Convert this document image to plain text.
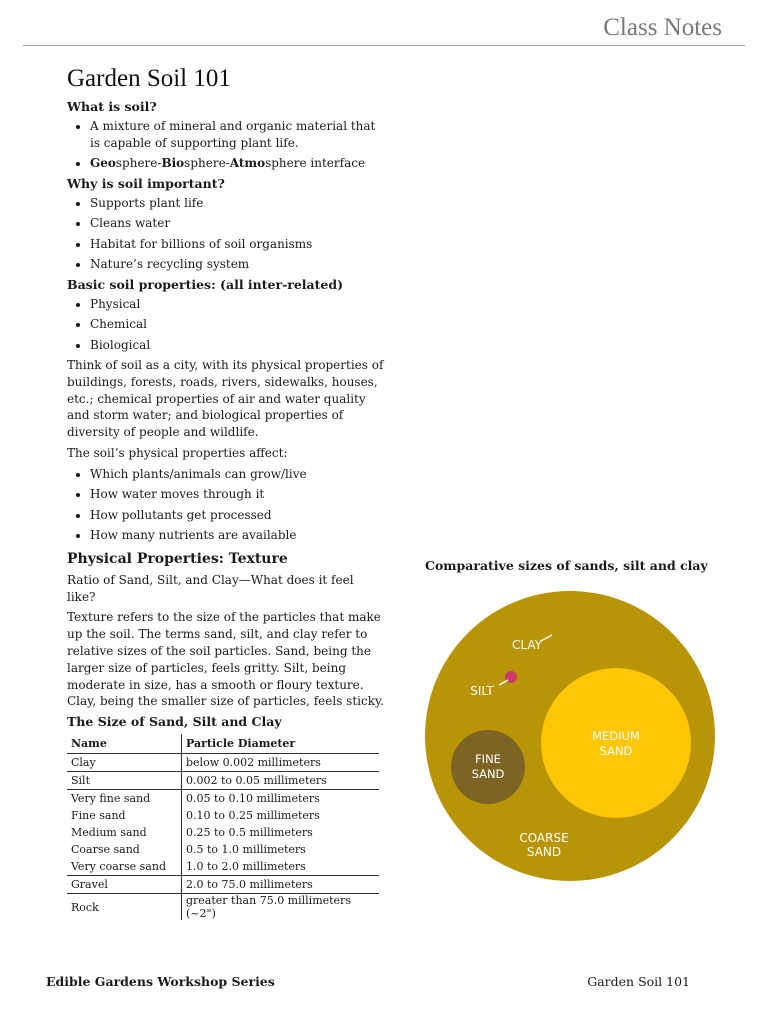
Class Notes
Garden Soil 101
What is soil?
• A mixture of mineral and organic material that is capable of supporting plant life.
• Geosphere-Biosphere-Atmosphere interface
Why is soil important?
• Supports plant life
• Cleans water
• Habitat for billions of soil organisms
• Nature’s recycling system
Basic soil properties: (all inter-related)
• Physical
• Chemical
• Biological

Think of soil as a city, with its physical properties of buildings, forests, roads, rivers, sidewalks, houses, etc.; chemical properties of air and water quality and storm water; and biological properties of diversity of people and wildlife.

The soil’s physical properties affect:

• Which plants/animals can grow/live
• How water moves through it
• How pollutants get processed
• How many nutrients are available
Physical Properties: Texture

Ratio of Sand, Silt, and Clay—What does it feel like?

Texture refers to the size of the particles that make up the soil. The terms sand, silt, and clay refer to relative sizes of the soil particles. Sand, being the larger size of particles, feels gritty. Silt, being moderate in size, has a smooth or floury texture. Clay, being the smaller size of particles, feels sticky.

The Size of Sand, Silt and Clay
Name	Particle Diameter
Clay	below 0.002 millimeters
Silt	0.002 to 0.05 millimeters
Very fine sand	0.05 to 0.10 millimeters
Fine sand	0.10 to 0.25 millimeters
Medium sand	0.25 to 0.5 millimeters
Coarse sand	0.5 to 1.0 millimeters
Very coarse sand	1.0 to 2.0 millimeters
Gravel	2.0 to 75.0 millimeters
Rock	greater than 75.0 millimeters (~2")
Comparative sizes of sands, silt and clay
CLAY
SILT
MEDIUM
SAND
FINE
SAND
COARSE
SAND
Edible Gardens Workshop Series	Garden Soil 101
